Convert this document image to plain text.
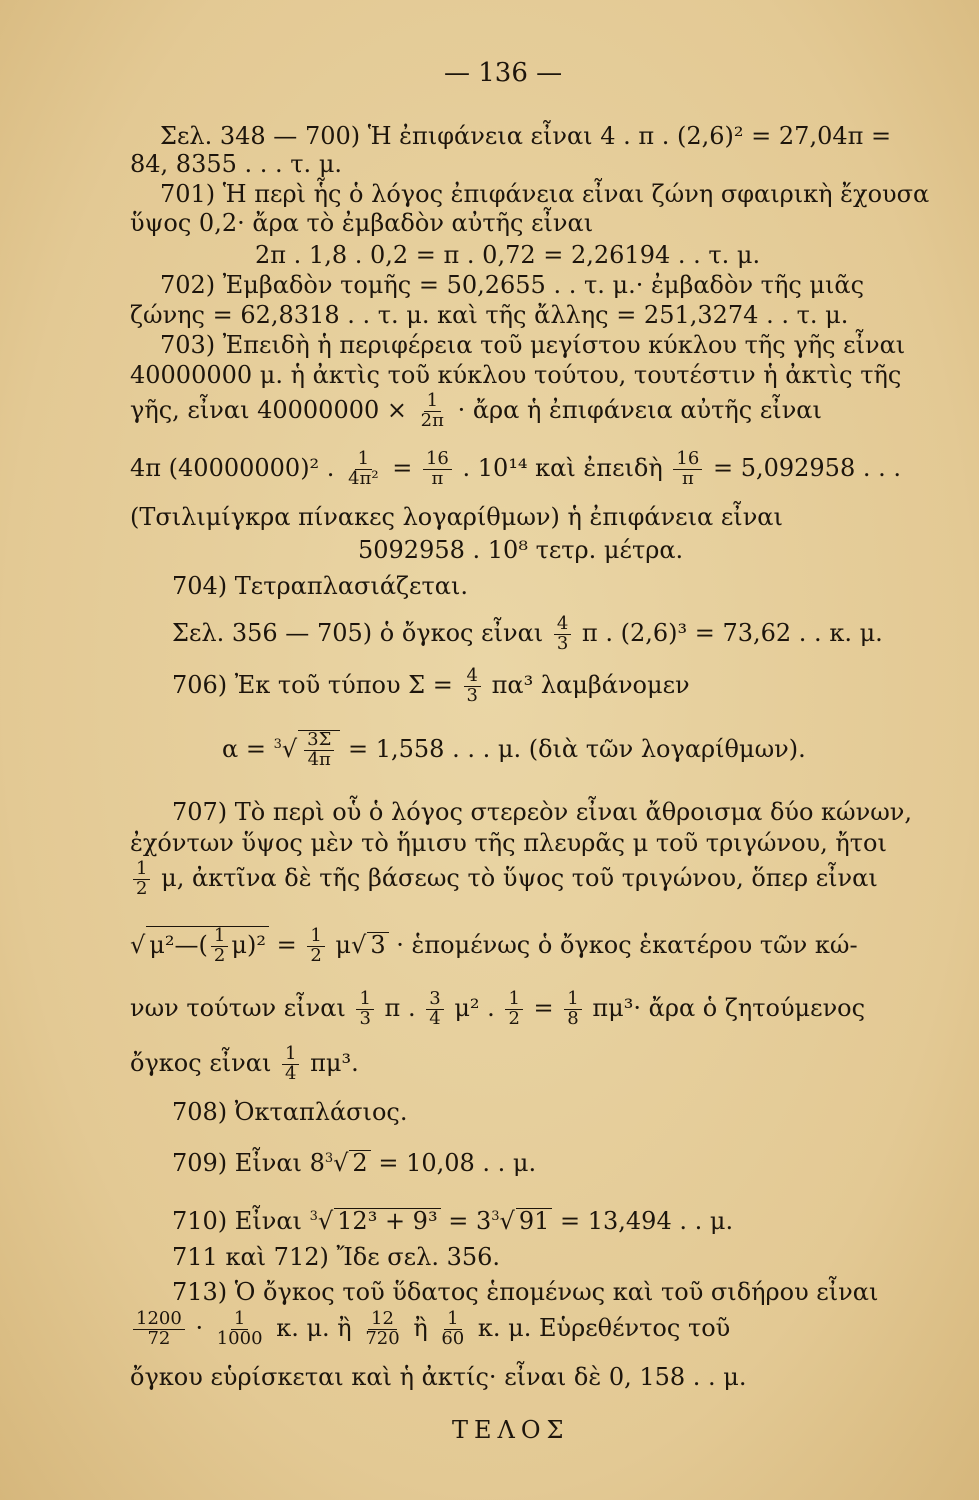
— 136 —
Σελ. 348 — 700) Ἡ ἐπιφάνεια εἶναι 4 . π . (2,6)² = 27,04π =
84, 8355 . . . τ. μ.
701) Ἡ περὶ ἧς ὁ λόγος ἐπιφάνεια εἶναι ζώνη σφαιρικὴ ἔχουσα
ὕψος 0,2· ἄρα τὸ ἐμβαδὸν αὐτῆς εἶναι
2π . 1,8 . 0,2 = π . 0,72 = 2,26194 . . τ. μ.
702) Ἐμβαδὸν τομῆς = 50,2655 . . τ. μ.· ἐμβαδὸν τῆς μιᾶς
ζώνης = 62,8318 . . τ. μ. καὶ τῆς ἄλλης = 251,3274 . . τ. μ.
703) Ἐπειδὴ ἡ περιφέρεια τοῦ μεγίστου κύκλου τῆς γῆς εἶναι
40000000 μ. ἡ ἀκτὶς τοῦ κύκλου τούτου, τουτέστιν ἡ ἀκτὶς τῆς
γῆς, εἶναι $40000000 \times \frac{1}{2\pi}$ · ἄρα ἡ ἐπιφάνεια αὐτῆς εἶναι
4π (40000000)² . $\frac{1}{\text{4π²}} = \frac{16}{\pi}$ . 10¹⁴ καὶ ἐπειδὴ $\frac{16}{\pi} = 5,092958$ . . .
(Τσιλιμίγκρα πίνακες λογαρίθμων) ἡ ἐπιφάνεια εἶναι
5092958 . 10⁸ τετρ. μέτρα.
704) Τετραπλασιάζεται.
Σελ. 356 — 705) ὁ ὄγκος εἶναι $\frac{4}{3}$ π . (2,6)³ = 73,62 . . κ. μ.
706) Ἐκ τοῦ τύπου $\Sigma = \frac{4}{3} \pi\alpha^3$ λαμβάνομεν
$\alpha = ^3√ \frac{3\Sigma}{4\pi} = 1,558$ . . . μ. (διὰ τῶν λογαρίθμων).
707) Τὸ περὶ οὗ ὁ λόγος στερεὸν εἶναι ἄθροισμα δύο κώνων,
ἐχόντων ὕψος μὲν τὸ ἥμισυ τῆς πλευρᾶς μ τοῦ τριγώνου, ἤτοι
$\frac{1}{2} \mu$, ἀκτῖνα δὲ τῆς βάσεως τὸ ὕψος τοῦ τριγώνου, ὅπερ εἶναι
√ μ²—( $\frac{1}{2} \mu)^2 = \frac{1}{2} \mu√$ 3 · ἑπομένως ὁ ὄγκος ἑκατέρου τῶν κώ-
νων τούτων εἶναι $\frac{1}{3}$ π . $\frac{3}{4} \mu^2$ . $\frac{1}{2} = \frac{1}{8} \pi\mu^3\cdot$ ἄρα ὁ ζητούμενος
ὄγκος εἶναι $\frac{1}{4} \pi\mu^3$.
708) Ὀκταπλάσιος.
709) Εἶναι $8^3√$ 2 = 10,08 . . μ.
710) Εἶναι $^3$√ $12^3 + 9^3 = 3^3√$ 91 = 13,494 . . μ.
711 καὶ 712) Ἴδε σελ. 356.
713) Ὁ ὄγκος τοῦ ὕδατος ἑπομένως καὶ τοῦ σιδήρου εἶναι
$\frac{1200}{72} \cdot \frac{1}{1000} \kappa$. μ. ἢ $\frac{12}{720}$ ἢ $\frac{1}{60} \kappa$. μ. Εὑρεθέντος τοῦ
ὄγκου εὑρίσκεται καὶ ἡ ἀκτίς· εἶναι δὲ 0, 158 . . μ.
ΤΕΛΟΣ
